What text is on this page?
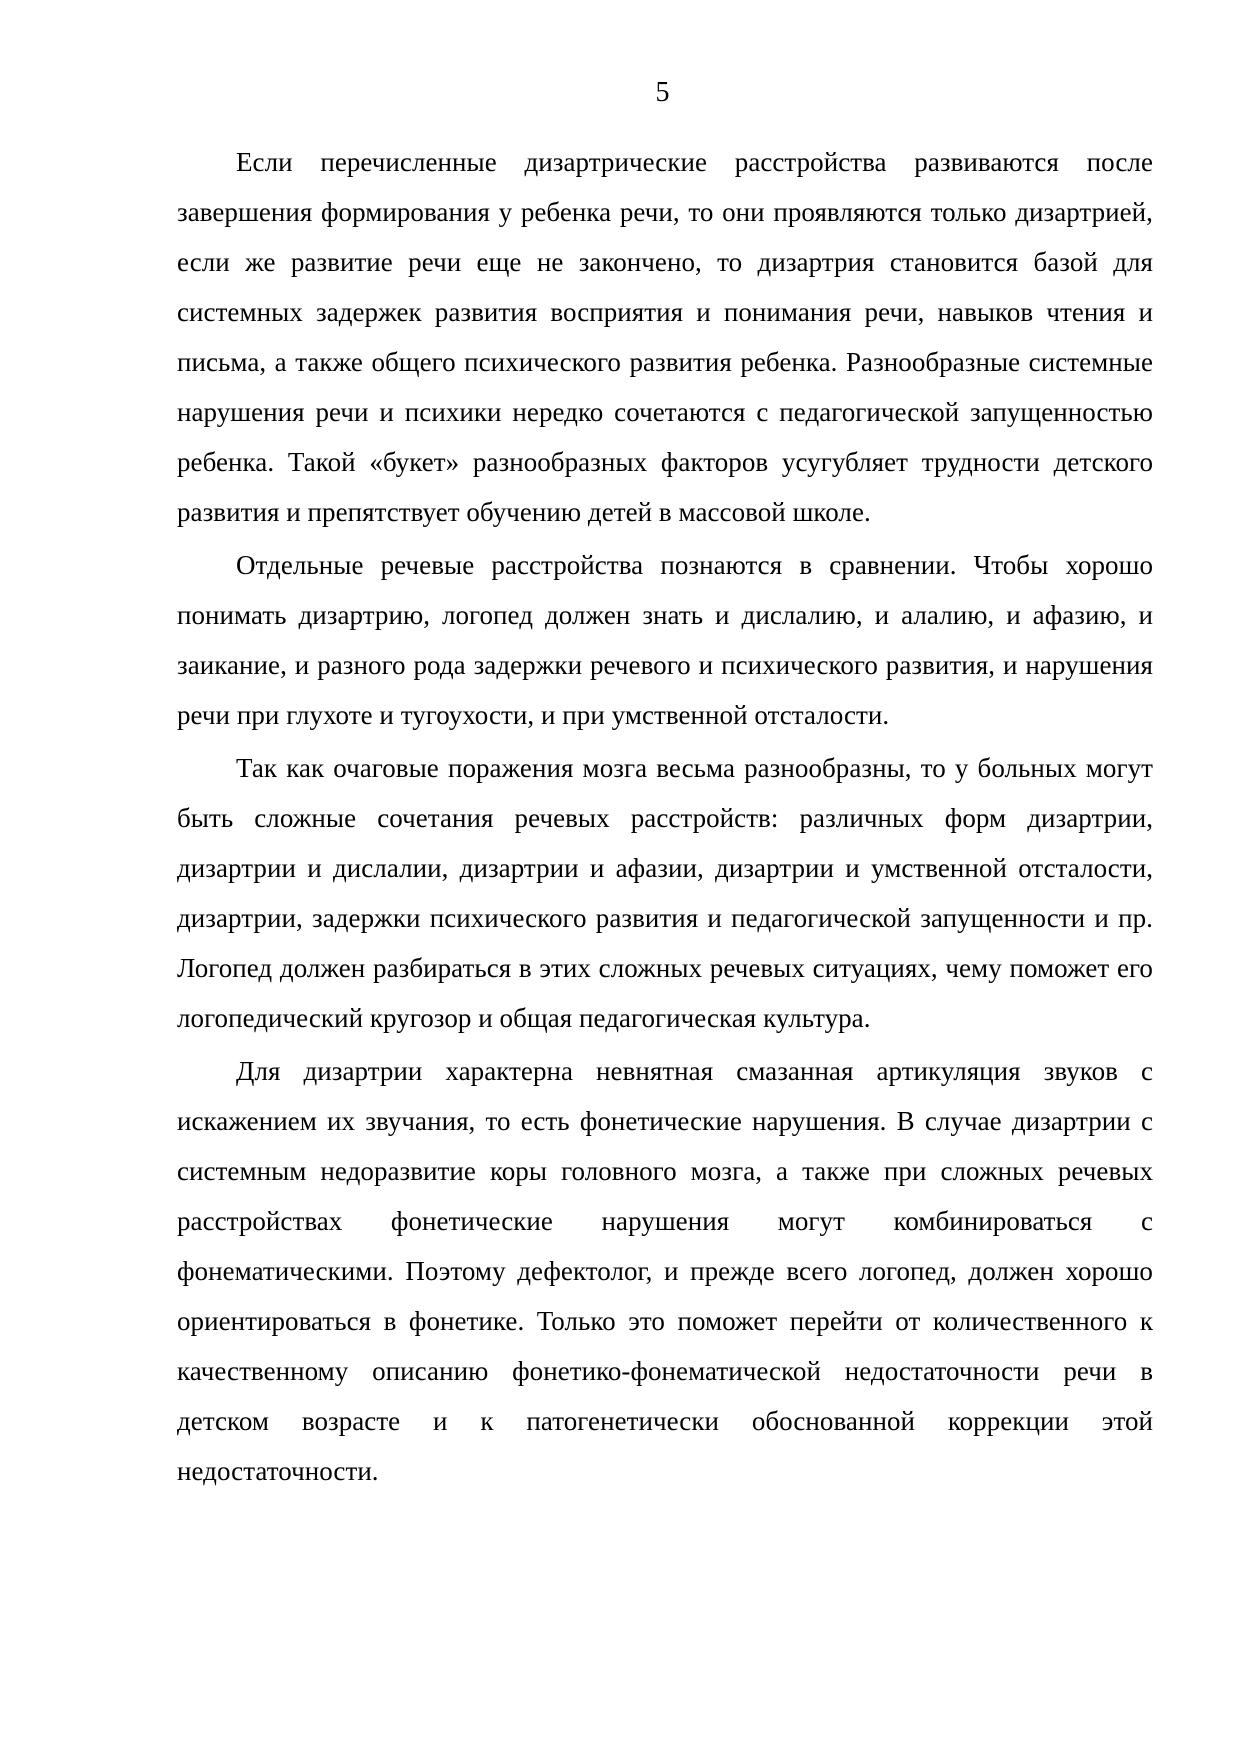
5

Если перечисленные дизартрические расстройства развиваются после завершения формирования у ребенка речи, то они проявляются только дизартрией, если же развитие речи еще не закончено, то дизартрия становится базой для системных задержек развития восприятия и понимания речи, навыков чтения и письма, а также общего психического развития ребенка. Разнообразные системные нарушения речи и психики нередко сочетаются с педагогической запущенностью ребенка. Такой «букет» разнообразных факторов усугубляет трудности детского развития и препятствует обучению детей в массовой школе.

Отдельные речевые расстройства познаются в сравнении. Чтобы хорошо понимать дизартрию, логопед должен знать и дислалию, и алалию, и афазию, и заикание, и разного рода задержки речевого и психического развития, и нарушения речи при глухоте и тугоухости, и при умственной отсталости.

Так как очаговые поражения мозга весьма разнообразны, то у больных могут быть сложные сочетания речевых расстройств: различных форм дизартрии, дизартрии и дислалии, дизартрии и афазии, дизартрии и умственной отсталости, дизартрии, задержки психического развития и педагогической запущенности и пр. Логопед должен разбираться в этих сложных речевых ситуациях, чему поможет его логопедический кругозор и общая педагогическая культура.

Для дизартрии характерна невнятная смазанная артикуляция звуков с искажением их звучания, то есть фонетические нарушения. В случае дизартрии с системным недоразвитие коры головного мозга, а также при сложных речевых расстройствах фонетические нарушения могут комбинироваться с фонематическими. Поэтому дефектолог, и прежде всего логопед, должен хорошо ориентироваться в фонетике. Только это поможет перейти от количественного к качественному описанию фонетико-фонематической недостаточности речи в детском возрасте и к патогенетически обоснованной коррекции этой недостаточности.
